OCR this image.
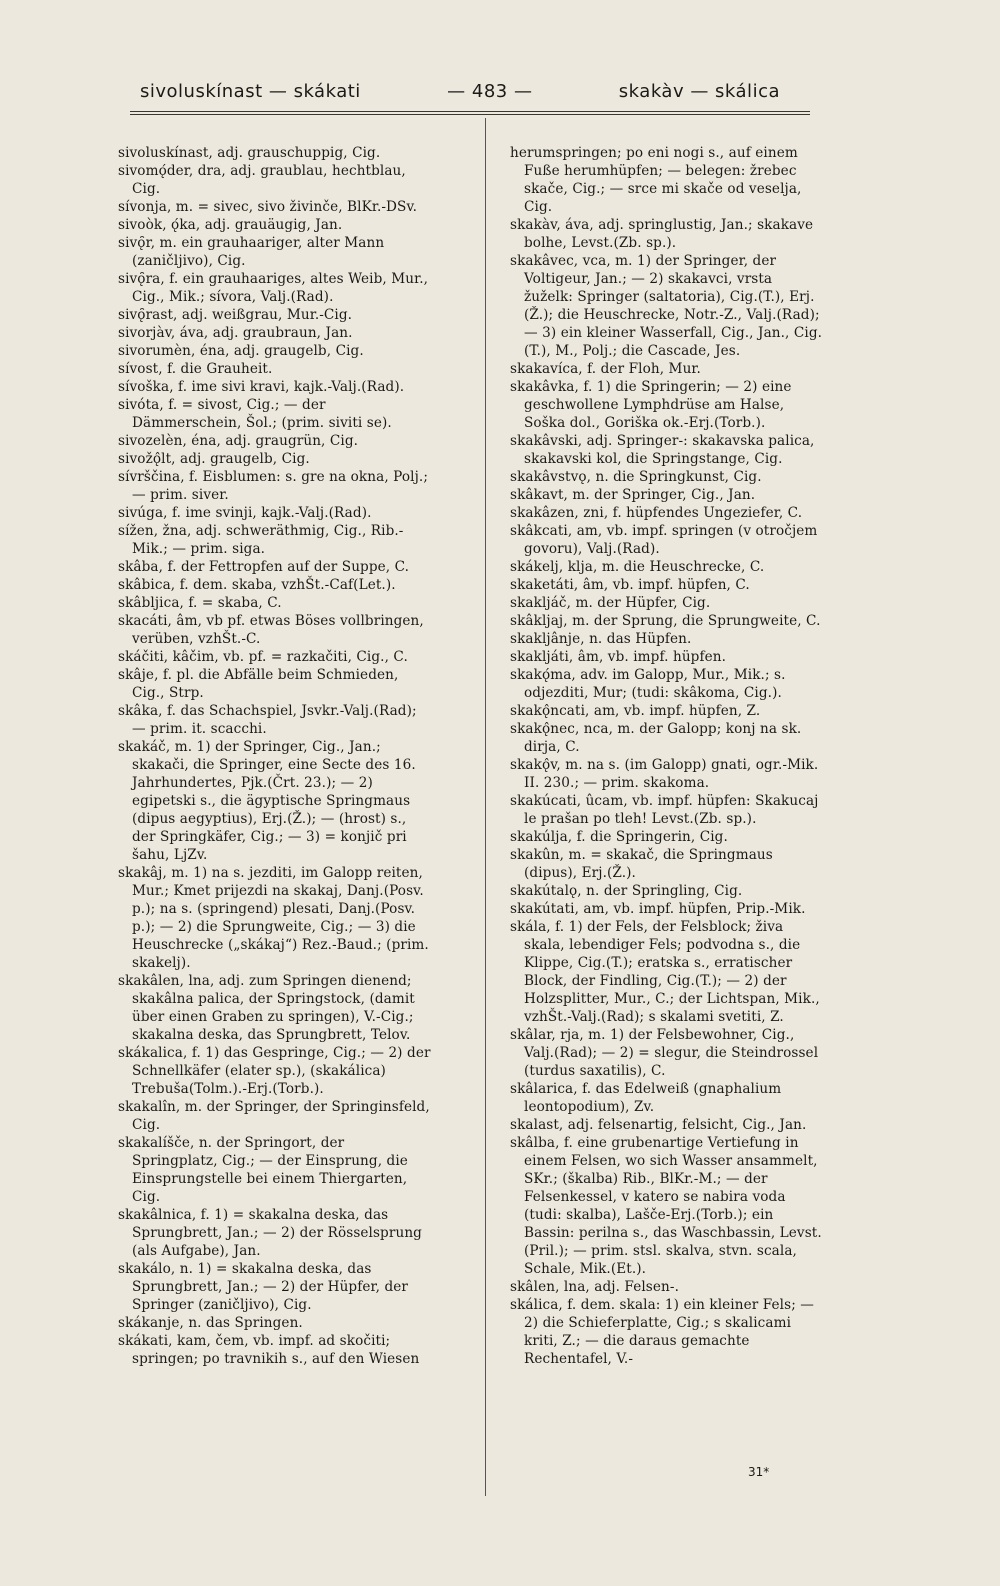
sivoluskínast — skákati	— 483 —	skakàv — skálica

sivoluskínast, adj. grauschuppig, Cig.

sivomǫ́der, dra, adj. graublau, hechtblau, Cig.

sívonja, m. = sivec, sivo živinče, BlKr.-DSv.

sivoòk, ǫ́ka, adj. grauäugig, Jan.

sivǫ̑r, m. ein grauhaariger, alter Mann (zaničljivo), Cig.

sivǫ̑ra, f. ein grauhaariges, altes Weib, Mur., Cig., Mik.; sívora, Valj.(Rad).

sivǫ̑rast, adj. weißgrau, Mur.-Cig.

sivorjàv, áva, adj. graubraun, Jan.

sivorumèn, éna, adj. graugelb, Cig.

sívost, f. die Grauheit.

sívoška, f. ime sivi kravi, kajk.-Valj.(Rad).

sivóta, f. = sivost, Cig.; — der Dämmerschein, Šol.; (prim. siviti se).

sivozelèn, éna, adj. graugrün, Cig.

sivožǫ̂lt, adj. graugelb, Cig.

sívrščina, f. Eisblumen: s. gre na okna, Polj.; — prim. siver.

sivúga, f. ime svinji, kajk.-Valj.(Rad).

sížen, žna, adj. schweräthmig, Cig., Rib.-Mik.; — prim. siga.

skâba, f. der Fettropfen auf der Suppe, C.

skâbica, f. dem. skaba, vzhŠt.-Caf(Let.).

skâbljica, f. = skaba, C.

skacáti, âm, vb pf. etwas Böses vollbringen, verüben, vzhŠt.-C.

skáčiti, kâčim, vb. pf. = razkačiti, Cig., C.

skâje, f. pl. die Abfälle beim Schmieden, Cig., Strp.

skâka, f. das Schachspiel, Jsvkr.-Valj.(Rad); — prim. it. scacchi.

skakáč, m. 1) der Springer, Cig., Jan.; skakači, die Springer, eine Secte des 16. Jahrhundertes, Pjk.(Črt. 23.); — 2) egipetski s., die ägyptische Springmaus (dipus aegyptius), Erj.(Ž.); — (hrost) s., der Springkäfer, Cig.; — 3) = konjič pri šahu, LjZv.

skakâj, m. 1) na s. jezditi, im Galopp reiten, Mur.; Kmet prijezdi na skakaj, Danj.(Posv. p.); na s. (springend) plesati, Danj.(Posv. p.); — 2) die Sprungweite, Cig.; — 3) die Heuschrecke („skákaj“) Rez.-Baud.; (prim. skakelj).

skakâlen, lna, adj. zum Springen dienend; skakâlna palica, der Springstock, (damit über einen Graben zu springen), V.-Cig.; skakalna deska, das Sprungbrett, Telov.

skákalica, f. 1) das Gespringe, Cig.; — 2) der Schnellkäfer (elater sp.), (skakálica) Trebuša(Tolm.).-Erj.(Torb.).

skakalîn, m. der Springer, der Springinsfeld, Cig.

skakalíšče, n. der Springort, der Springplatz, Cig.; — der Einsprung, die Einsprungstelle bei einem Thiergarten, Cig.

skakâlnica, f. 1) = skakalna deska, das Sprungbrett, Jan.; — 2) der Rösselsprung (als Aufgabe), Jan.

skakálo, n. 1) = skakalna deska, das Sprungbrett, Jan.; — 2) der Hüpfer, der Springer (zaničljivo), Cig.

skákanje, n. das Springen.

skákati, kam, čem, vb. impf. ad skočiti; springen; po travnikih s., auf den Wiesen

herumspringen; po eni nogi s., auf einem Fuße herumhüpfen; — belegen: žrebec skače, Cig.; — srce mi skače od veselja, Cig.

skakàv, áva, adj. springlustig, Jan.; skakave bolhe, Levst.(Zb. sp.).

skakâvec, vca, m. 1) der Springer, der Voltigeur, Jan.; — 2) skakavci, vrsta žuželk: Springer (saltatoria), Cig.(T.), Erj.(Ž.); die Heuschrecke, Notr.-Z., Valj.(Rad); — 3) ein kleiner Wasserfall, Cig., Jan., Cig.(T.), M., Polj.; die Cascade, Jes.

skakavíca, f. der Floh, Mur.

skakâvka, f. 1) die Springerin; — 2) eine geschwollene Lymphdrüse am Halse, Soška dol., Goriška ok.-Erj.(Torb.).

skakâvski, adj. Springer-: skakavska palica, skakavski kol, die Springstange, Cig.

skakâvstvǫ, n. die Springkunst, Cig.

skâkavt, m. der Springer, Cig., Jan.

skakâzen, zni, f. hüpfendes Ungeziefer, C.

skâkcati, am, vb. impf. springen (v otročjem govoru), Valj.(Rad).

skákelj, klja, m. die Heuschrecke, C.

skaketáti, âm, vb. impf. hüpfen, C.

skakljáč, m. der Hüpfer, Cig.

skâkljaj, m. der Sprung, die Sprungweite, C.

skakljânje, n. das Hüpfen.

skakljáti, âm, vb. impf. hüpfen.

skakǫ́ma, adv. im Galopp, Mur., Mik.; s. odjezditi, Mur; (tudi: skâkoma, Cig.).

skakǫ̂ncati, am, vb. impf. hüpfen, Z.

skakǫ̂nec, nca, m. der Galopp; konj na sk. dirja, C.

skakǫ̂v, m. na s. (im Galopp) gnati, ogr.-Mik. II. 230.; — prim. skakoma.

skakúcati, ûcam, vb. impf. hüpfen: Skakucaj le prašan po tleh! Levst.(Zb. sp.).

skakúlja, f. die Springerin, Cig.

skakûn, m. = skakač, die Springmaus (dipus), Erj.(Ž.).

skakútalǫ, n. der Springling, Cig.

skakútati, am, vb. impf. hüpfen, Prip.-Mik.

skála, f. 1) der Fels, der Felsblock; živa skala, lebendiger Fels; podvodna s., die Klippe, Cig.(T.); eratska s., erratischer Block, der Findling, Cig.(T.); — 2) der Holzsplitter, Mur., C.; der Lichtspan, Mik., vzhŠt.-Valj.(Rad); s skalami svetiti, Z.

skâlar, rja, m. 1) der Felsbewohner, Cig., Valj.(Rad); — 2) = slegur, die Steindrossel (turdus saxatilis), C.

skâlarica, f. das Edelweiß (gnaphalium leontopodium), Zv.

skalast, adj. felsenartig, felsicht, Cig., Jan.

skâlba, f. eine grubenartige Vertiefung in einem Felsen, wo sich Wasser ansammelt, SKr.; (škalba) Rib., BlKr.-M.; — der Felsenkessel, v katero se nabira voda (tudi: skalba), Lašče-Erj.(Torb.); ein Bassin: perilna s., das Waschbassin, Levst.(Pril.); — prim. stsl. skalva, stvn. scala, Schale, Mik.(Et.).

skâlen, lna, adj. Felsen-.

skálica, f. dem. skala: 1) ein kleiner Fels; — 2) die Schieferplatte, Cig.; s skalicami kriti, Z.; — die daraus gemachte Rechentafel, V.-

31*
